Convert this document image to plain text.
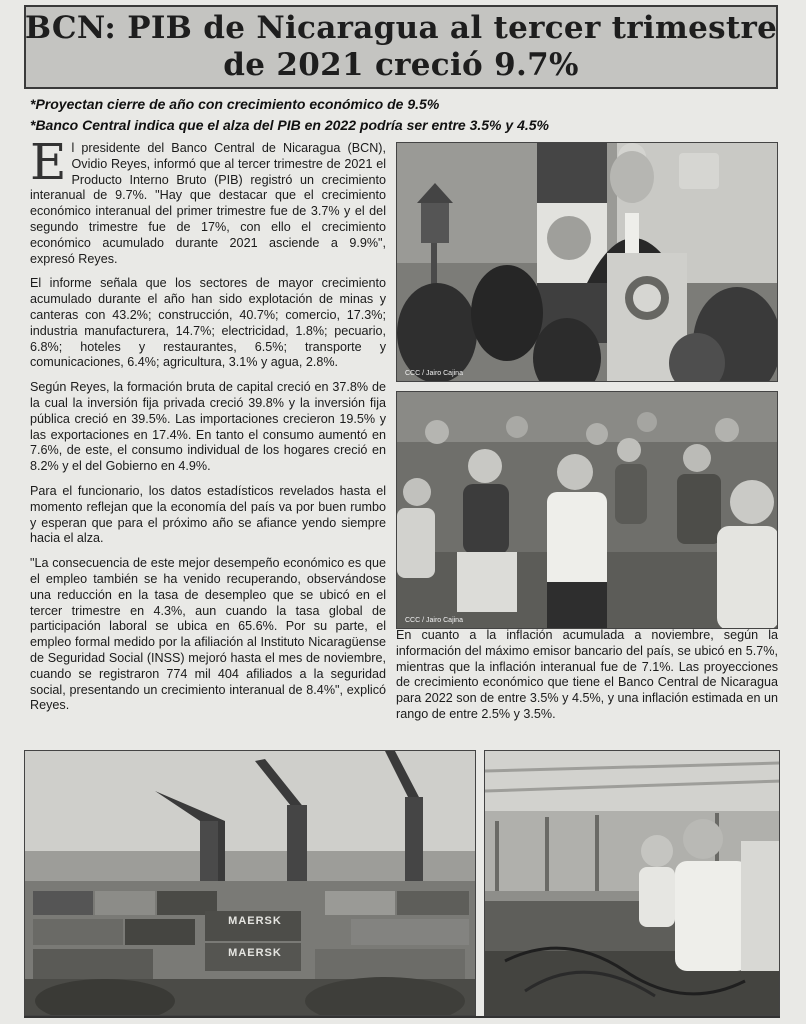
BCN: PIB de Nicaragua al tercer trimestre
de 2021 creció 9.7%
*Proyectan cierre de año con crecimiento económico de 9.5%
*Banco Central indica que el alza del PIB en 2022 podría ser entre 3.5% y 4.5%

E l presidente del Banco Central de Nicaragua (BCN), Ovidio Reyes, informó que al tercer trimestre de 2021 el Producto Interno Bruto (PIB) registró un crecimiento interanual de 9.7%. "Hay que destacar que el crecimiento económico interanual del primer trimestre fue de 3.7% y el del segundo trimestre fue de 17%, con ello el crecimiento económico acumulado durante 2021 asciende a 9.9%", expresó Reyes.

El informe señala que los sectores de mayor crecimiento acumulado durante el año han sido explotación de minas y canteras con 43.2%; construcción, 40.7%; comercio, 17.3%; industria manufacturera, 14.7%; electricidad, 1.8%; pecuario, 6.8%; hoteles y restaurantes, 6.5%; transporte y comunicaciones, 6.4%; agricultura, 3.1% y agua, 2.8%.

Según Reyes, la formación bruta de capital creció en 37.8% de la cual la inversión fija privada creció 39.8% y la inversión fija pública creció en 39.5%. Las importaciones crecieron 19.5% y las exportaciones en 17.4%. En tanto el consumo aumentó en 7.6%, de este, el consumo individual de los hogares creció en 8.2% y el del Gobierno en 4.9%.

Para el funcionario, los datos estadísticos revelados hasta el momento reflejan que la economía del país va por buen rumbo y esperan que para el próximo año se afiance yendo siempre hacia el alza.

"La consecuencia de este mejor desempeño económico es que el empleo también se ha venido recuperando, observándose una reducción en la tasa de desempleo que se ubicó en el tercer trimestre en 4.3%, aun cuando la tasa global de participación laboral se ubica en 65.6%. Por su parte, el empleo formal medido por la afiliación al Instituto Nicaragüense de Seguridad Social (INSS) mejoró hasta el mes de noviembre, cuando se registraron 774 mil 404 afiliados a la seguridad social, presentando un crecimiento interanual de 8.4%", explicó Reyes.

CCC / Jairo Cajina
CCC / Jairo Cajina

En cuanto a la inflación acumulada a noviembre, según la información del máximo emisor bancario del país, se ubicó en 5.7%, mientras que la inflación interanual fue de 7.1%. Las proyecciones de crecimiento económico que tiene el Banco Central de Nicaragua para 2022 son de entre 3.5% y 4.5%, y una inflación estimada en un rango de entre 2.5% y 3.5%.

MAERSK
MAERSK
